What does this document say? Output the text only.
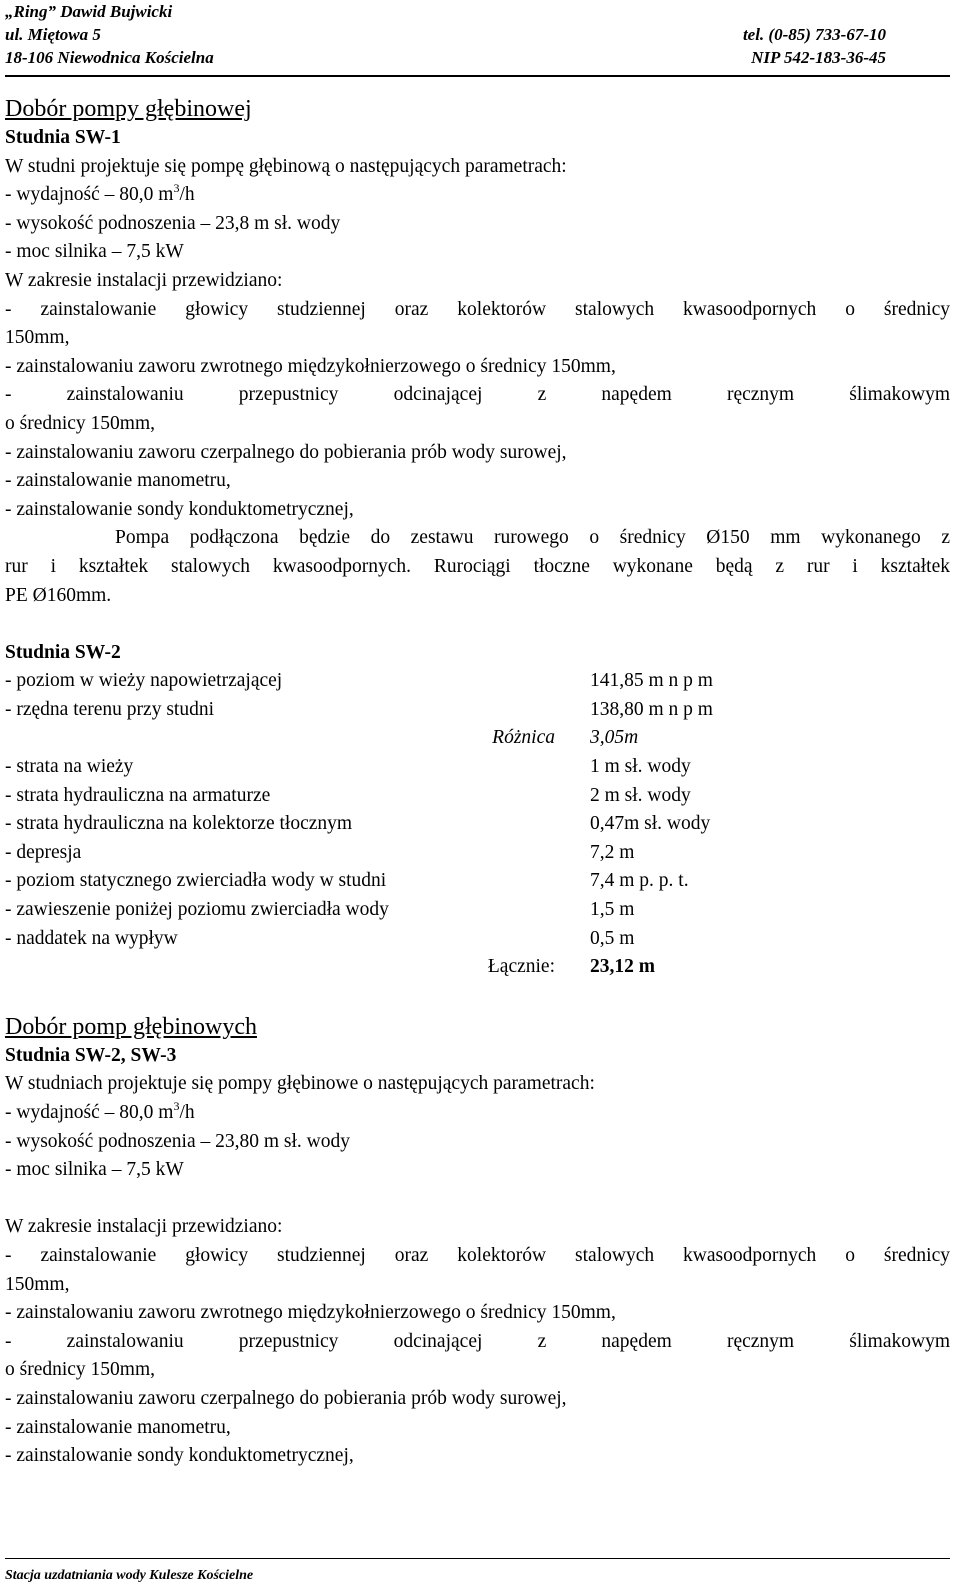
„Ring” Dawid Bujwicki
ul. Miętowa 5	tel. (0-85) 733-67-10
18-106 Niewodnica Kościelna	NIP 542-183-36-45
Dobór pompy głębinowej
Studnia SW-1
W studni projektuje się pompę głębinową o następujących parametrach:
- wydajność – 80,0 $m^3/h$
- wysokość podnoszenia – 23,8 m sł. wody
- moc silnika – 7,5 kW
W zakresie instalacji przewidziano:
- zainstalowanie głowicy studziennej oraz kolektorów stalowych kwasoodpornych o średnicy
150mm,
- zainstalowaniu zaworu zwrotnego międzykołnierzowego o średnicy 150mm,
- zainstalowaniu przepustnicy odcinającej z napędem ręcznym ślimakowym
o średnicy 150mm,
- zainstalowaniu zaworu czerpalnego do pobierania prób wody surowej,
- zainstalowanie manometru,
- zainstalowanie sondy konduktometrycznej,
Pompa podłączona będzie do zestawu rurowego o średnicy Ø150 mm wykonanego z
rur i kształtek stalowych kwasoodpornych. Rurociągi tłoczne wykonane będą z rur i kształtek
PE Ø160mm.
Studnia SW-2
- poziom w wieży napowietrzającej	141,85 m n p m
- rzędna terenu przy studni	138,80 m n p m
Różnica	3,05m
- strata na wieży	1 m sł. wody
- strata hydrauliczna na armaturze	2 m sł. wody
- strata hydrauliczna na kolektorze tłocznym	0,47m sł. wody
- depresja	7,2 m
- poziom statycznego zwierciadła wody w studni	7,4 m p. p. t.
- zawieszenie poniżej poziomu zwierciadła wody	1,5 m
- naddatek na wypływ	0,5 m
Łącznie:	23,12 m
Dobór pomp głębinowych
Studnia SW-2, SW-3
W studniach projektuje się pompy głębinowe o następujących parametrach:
- wydajność – 80,0 $m^3/h$
- wysokość podnoszenia – 23,80 m sł. wody
- moc silnika – 7,5 kW
W zakresie instalacji przewidziano:
- zainstalowanie głowicy studziennej oraz kolektorów stalowych kwasoodpornych o średnicy
150mm,
- zainstalowaniu zaworu zwrotnego międzykołnierzowego o średnicy 150mm,
- zainstalowaniu przepustnicy odcinającej z napędem ręcznym ślimakowym
o średnicy 150mm,
- zainstalowaniu zaworu czerpalnego do pobierania prób wody surowej,
- zainstalowanie manometru,
- zainstalowanie sondy konduktometrycznej,
Stacja uzdatniania wody Kulesze Kościelne
